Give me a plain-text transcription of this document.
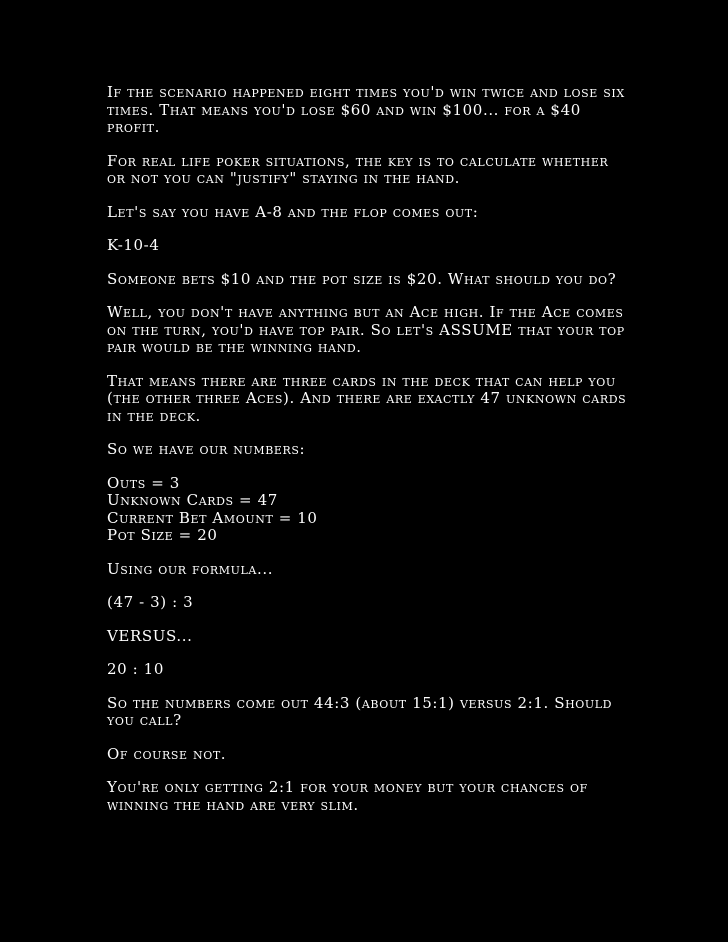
If the scenario happened eight times you'd win twice and lose six times. That means you'd lose $60 and win $100... for a $40 profit.

For real life poker situations, the key is to calculate whether or not you can "justify" staying in the hand.

Let's say you have A-8 and the flop comes out:

K-10-4

Someone bets $10 and the pot size is $20. What should you do?

Well, you don't have anything but an Ace high. If the Ace comes on the turn, you'd have top pair. So let's ASSUME that your top pair would be the winning hand.

That means there are three cards in the deck that can help you (the other three Aces). And there are exactly 47 unknown cards in the deck.

So we have our numbers:

Outs = 3
Unknown Cards = 47
Current Bet Amount = 10
Pot Size = 20

Using our formula...

(47 - 3) : 3

VERSUS...

20 : 10

So the numbers come out 44:3 (about 15:1) versus 2:1. Should you call?

Of course not.

You're only getting 2:1 for your money but your chances of winning the hand are very slim.
